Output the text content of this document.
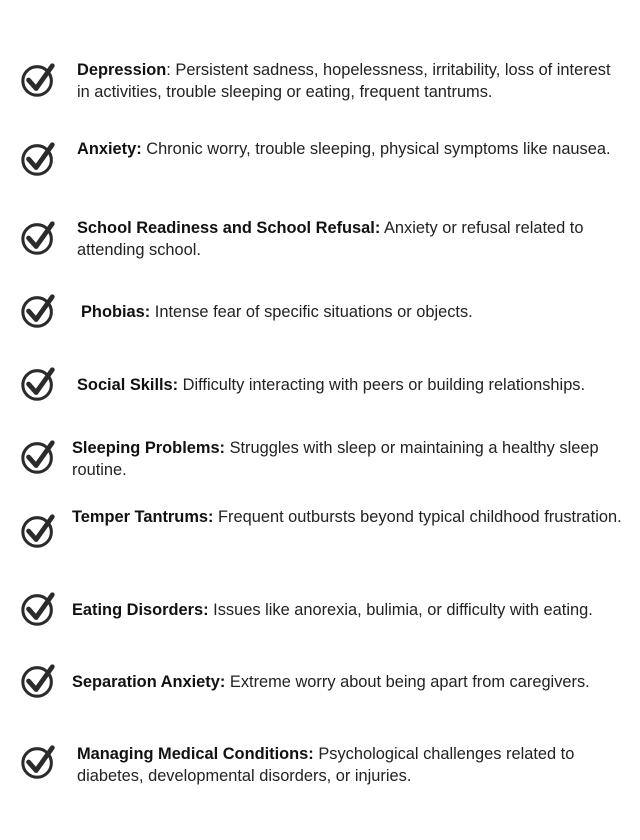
Depression: Persistent sadness, hopelessness, irritability, loss of interest in activities, trouble sleeping or eating, frequent tantrums.
Anxiety: Chronic worry, trouble sleeping, physical symptoms like nausea.
School Readiness and School Refusal: Anxiety or refusal related to attending school.
Phobias: Intense fear of specific situations or objects.
Social Skills: Difficulty interacting with peers or building relationships.
Sleeping Problems: Struggles with sleep or maintaining a healthy sleep routine.
Temper Tantrums: Frequent outbursts beyond typical childhood frustration.
Eating Disorders: Issues like anorexia, bulimia, or difficulty with eating.
Separation Anxiety: Extreme worry about being apart from caregivers.
Managing Medical Conditions: Psychological challenges related to diabetes, developmental disorders, or injuries.
